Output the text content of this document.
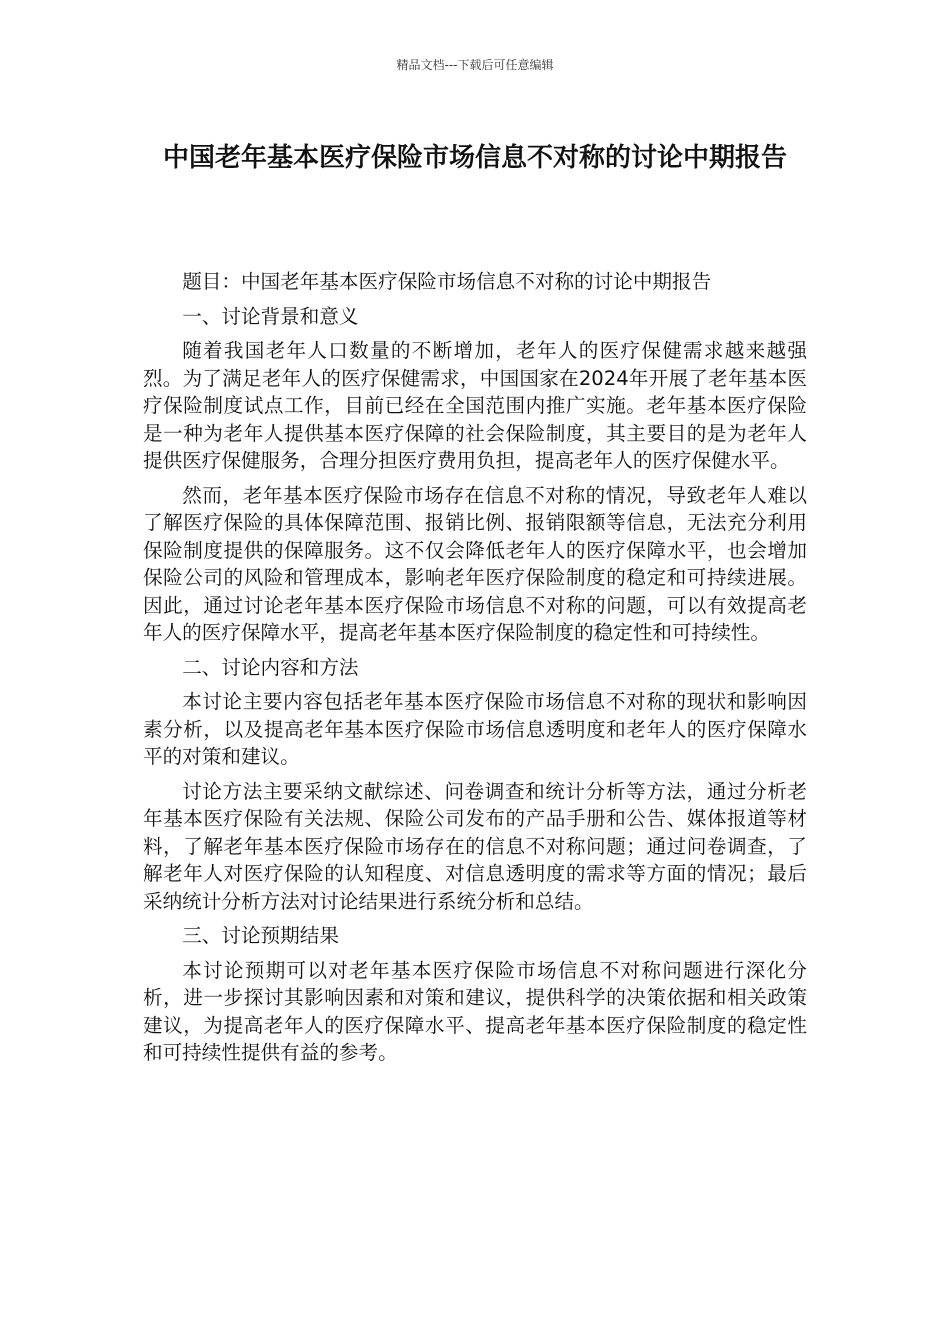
精品文档---下载后可任意编辑
中国老年基本医疗保险市场信息不对称的讨论中期报告

题目：中国老年基本医疗保险市场信息不对称的讨论中期报告

一、讨论背景和意义

随着我国老年人口数量的不断增加，老年人的医疗保健需求越来越强烈。为了满足老年人的医疗保健需求，中国国家在2024年开展了老年基本医疗保险制度试点工作，目前已经在全国范围内推广实施。老年基本医疗保险是一种为老年人提供基本医疗保障的社会保险制度，其主要目的是为老年人提供医疗保健服务，合理分担医疗费用负担，提高老年人的医疗保健水平。

然而，老年基本医疗保险市场存在信息不对称的情况，导致老年人难以了解医疗保险的具体保障范围、报销比例、报销限额等信息，无法充分利用保险制度提供的保障服务。这不仅会降低老年人的医疗保障水平，也会增加保险公司的风险和管理成本，影响老年医疗保险制度的稳定和可持续进展。因此，通过讨论老年基本医疗保险市场信息不对称的问题，可以有效提高老年人的医疗保障水平，提高老年基本医疗保险制度的稳定性和可持续性。

二、讨论内容和方法

本讨论主要内容包括老年基本医疗保险市场信息不对称的现状和影响因素分析，以及提高老年基本医疗保险市场信息透明度和老年人的医疗保障水平的对策和建议。

讨论方法主要采纳文献综述、问卷调查和统计分析等方法，通过分析老年基本医疗保险有关法规、保险公司发布的产品手册和公告、媒体报道等材料，了解老年基本医疗保险市场存在的信息不对称问题；通过问卷调查，了解老年人对医疗保险的认知程度、对信息透明度的需求等方面的情况；最后采纳统计分析方法对讨论结果进行系统分析和总结。

三、讨论预期结果

本讨论预期可以对老年基本医疗保险市场信息不对称问题进行深化分析，进一步探讨其影响因素和对策和建议，提供科学的决策依据和相关政策建议，为提高老年人的医疗保障水平、提高老年基本医疗保险制度的稳定性和可持续性提供有益的参考。
